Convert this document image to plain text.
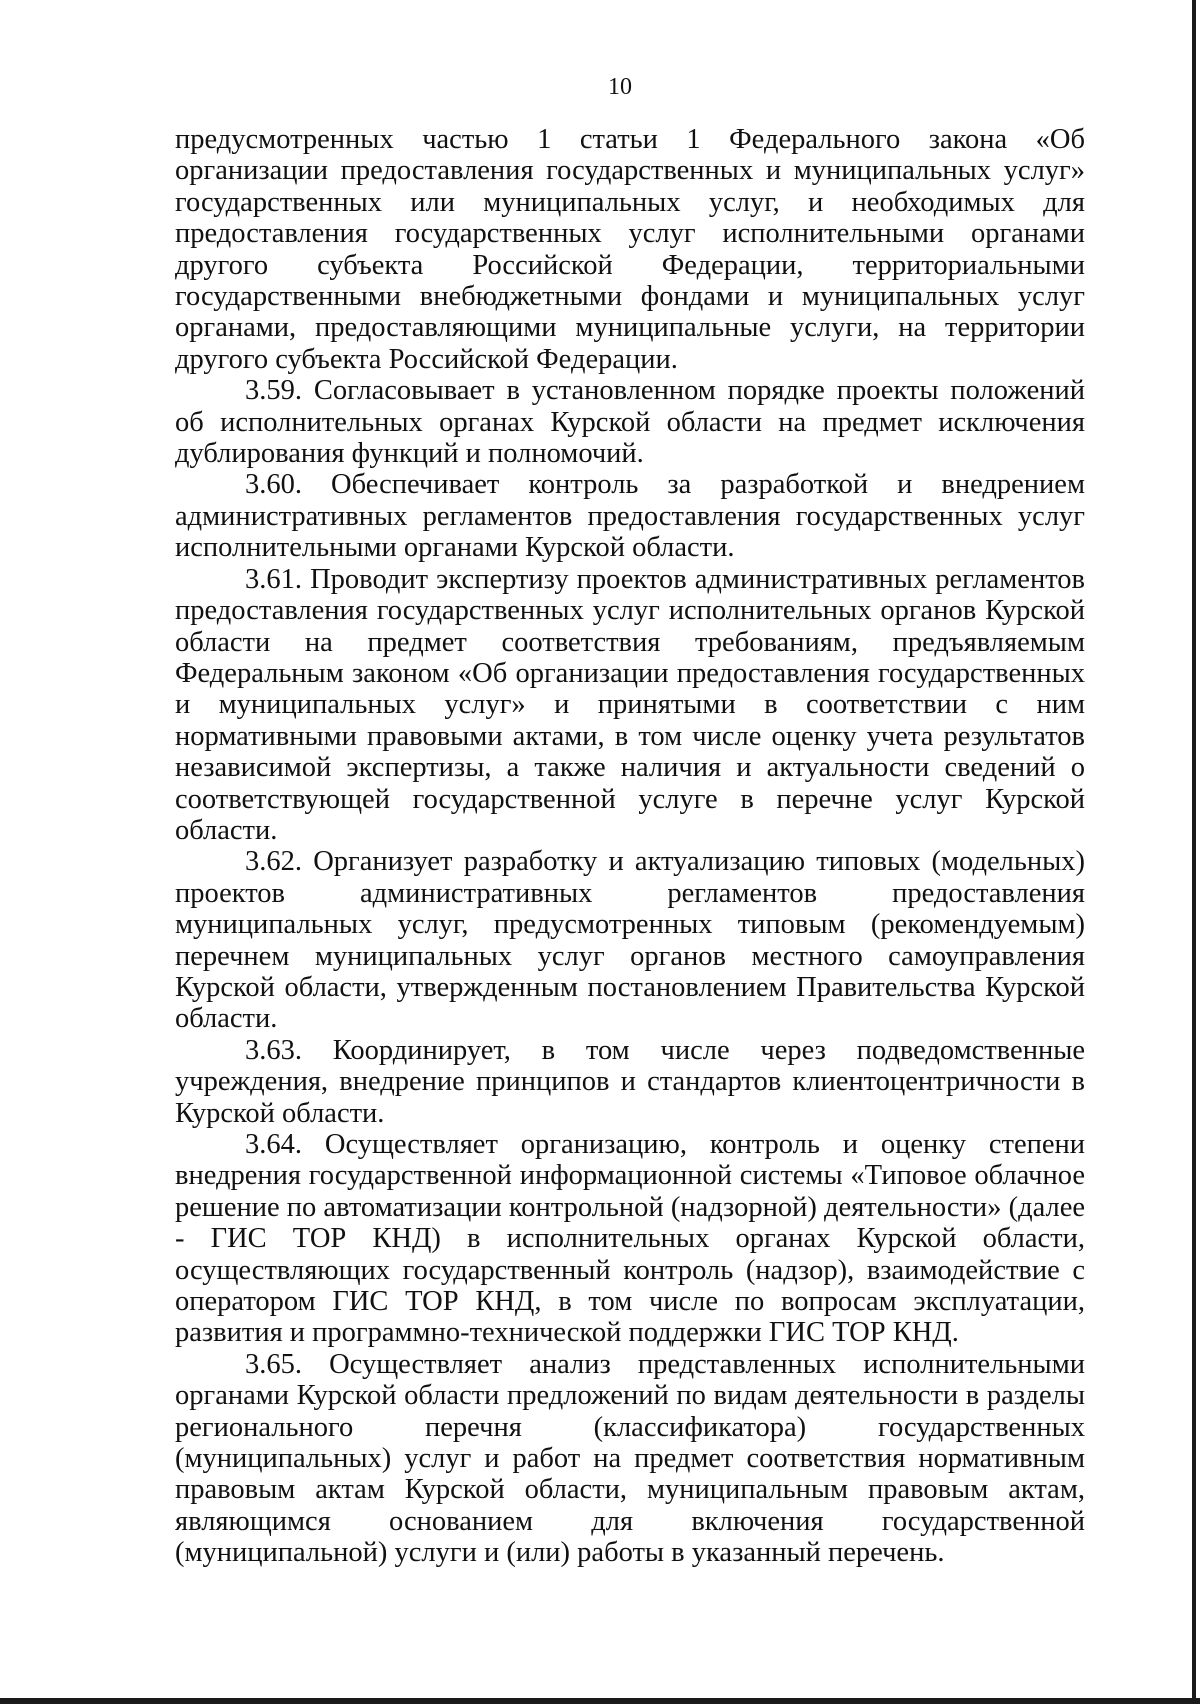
10

предусмотренных частью 1 статьи 1 Федерального закона «Об организации предоставления государственных и муниципальных услуг» государственных или муниципальных услуг, и необходимых для предоставления государственных услуг исполнительными органами другого субъекта Российской Федерации, территориальными государственными внебюджетными фондами и муниципальных услуг органами, предоставляющими муниципальные услуги, на территории другого субъекта Российской Федерации.

3.59. Согласовывает в установленном порядке проекты положений об исполнительных органах Курской области на предмет исключения дублирования функций и полномочий.

3.60. Обеспечивает контроль за разработкой и внедрением административных регламентов предоставления государственных услуг исполнительными органами Курской области.

3.61. Проводит экспертизу проектов административных регламентов предоставления государственных услуг исполнительных органов Курской области на предмет соответствия требованиям, предъявляемым Федеральным законом «Об организации предоставления государственных и муниципальных услуг» и принятыми в соответствии с ним нормативными правовыми актами, в том числе оценку учета результатов независимой экспертизы, а также наличия и актуальности сведений о соответствующей государственной услуге в перечне услуг Курской области.

3.62. Организует разработку и актуализацию типовых (модельных) проектов административных регламентов предоставления муниципальных услуг, предусмотренных типовым (рекомендуемым) перечнем муниципальных услуг органов местного самоуправления Курской области, утвержденным постановлением Правительства Курской области.

3.63. Координирует, в том числе через подведомственные учреждения, внедрение принципов и стандартов клиентоцентричности в Курской области.

3.64. Осуществляет организацию, контроль и оценку степени внедрения государственной информационной системы «Типовое облачное решение по автоматизации контрольной (надзорной) деятельности» (далее - ГИС ТОР КНД) в исполнительных органах Курской области, осуществляющих государственный контроль (надзор), взаимодействие с оператором ГИС ТОР КНД, в том числе по вопросам эксплуатации, развития и программно-технической поддержки ГИС ТОР КНД.

3.65. Осуществляет анализ представленных исполнительными органами Курской области предложений по видам деятельности в разделы регионального перечня (классификатора) государственных (муниципальных) услуг и работ на предмет соответствия нормативным правовым актам Курской области, муниципальным правовым актам, являющимся основанием для включения государственной (муниципальной) услуги и (или) работы в указанный перечень.
